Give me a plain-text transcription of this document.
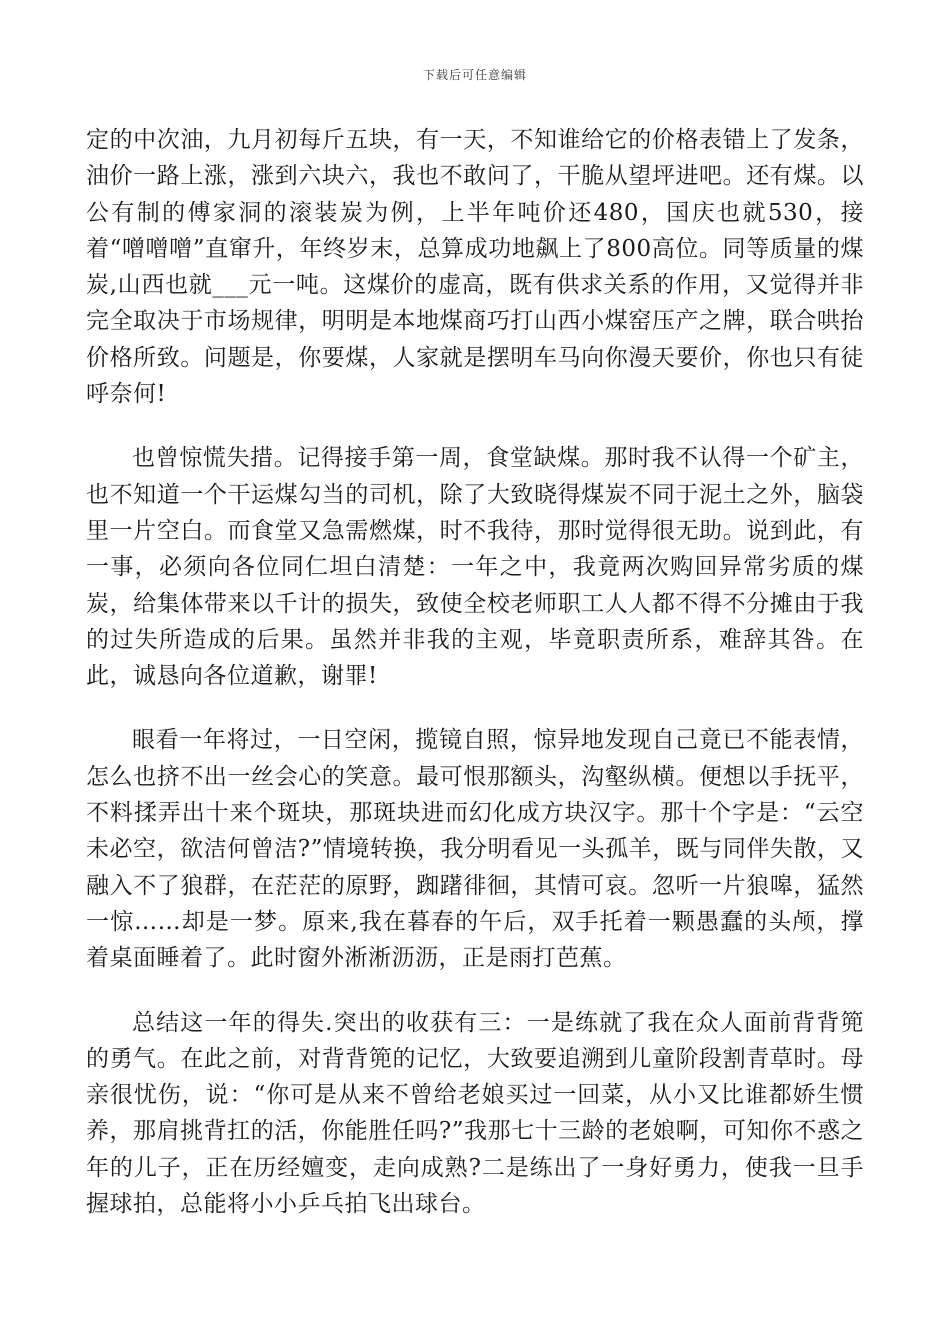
下载后可任意编辑

定的中次油，九月初每斤五块，有一天，不知谁给它的价格表错上了发条，油价一路上涨，涨到六块六，我也不敢问了，干脆从望坪进吧。还有煤。以公有制的傅家洞的滚装炭为例，上半年吨价还480，国庆也就530，接着“噌噌噌”直窜升，年终岁末，总算成功地飙上了800高位。同等质量的煤炭,山西也就___元一吨。这煤价的虚高，既有供求关系的作用，又觉得并非完全取决于市场规律，明明是本地煤商巧打山西小煤窑压产之牌，联合哄抬价格所致。问题是，你要煤，人家就是摆明车马向你漫天要价，你也只有徒呼奈何!

也曾惊慌失措。记得接手第一周，食堂缺煤。那时我不认得一个矿主，也不知道一个干运煤勾当的司机，除了大致晓得煤炭不同于泥土之外，脑袋里一片空白。而食堂又急需燃煤，时不我待，那时觉得很无助。说到此，有一事，必须向各位同仁坦白清楚：一年之中，我竟两次购回异常劣质的煤炭，给集体带来以千计的损失，致使全校老师职工人人都不得不分摊由于我的过失所造成的后果。虽然并非我的主观，毕竟职责所系，难辞其咎。在此，诚恳向各位道歉，谢罪!

眼看一年将过，一日空闲，揽镜自照，惊异地发现自己竟已不能表情，怎么也挤不出一丝会心的笑意。最可恨那额头，沟壑纵横。便想以手抚平，不料揉弄出十来个斑块，那斑块进而幻化成方块汉字。那十个字是：“云空未必空，欲洁何曾洁?”情境转换，我分明看见一头孤羊，既与同伴失散，又融入不了狼群，在茫茫的原野，踟躇徘徊，其情可哀。忽听一片狼嗥，猛然一惊……却是一梦。原来,我在暮春的午后，双手托着一颗愚蠢的头颅，撑着桌面睡着了。此时窗外淅淅沥沥，正是雨打芭蕉。

总结这一年的得失.突出的收获有三：一是练就了我在众人面前背背篼的勇气。在此之前，对背背篼的记忆，大致要追溯到儿童阶段割青草时。母亲很忧伤，说：“你可是从来不曾给老娘买过一回菜，从小又比谁都娇生惯养，那肩挑背扛的活，你能胜任吗?”我那七十三龄的老娘啊，可知你不惑之年的儿子，正在历经嬗变，走向成熟?二是练出了一身好勇力，使我一旦手握球拍，总能将小小乒乓拍飞出球台。
